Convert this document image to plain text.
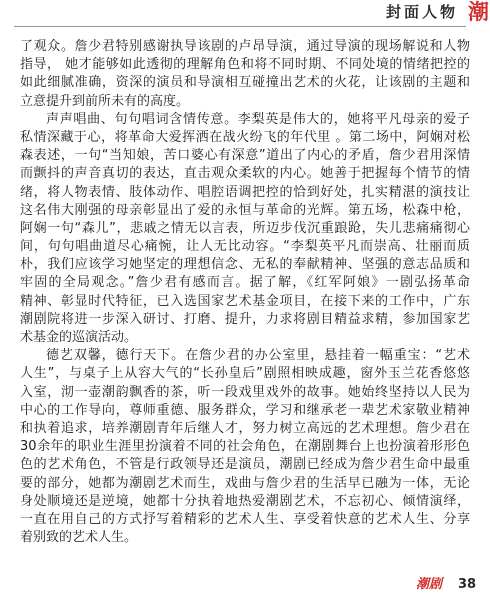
封面人物 潮
了观众。詹少君特别感谢执导该剧的卢昂导演，通过导演的现场解说和人物
指导， 她才能够如此透彻的理解角色和将不同时期、不同处境的情绪把控的
如此细腻准确，资深的演员和导演相互碰撞出艺术的火花，让该剧的主题和
立意提升到前所未有的高度。
声声唱曲、句句唱词含情传意。李梨英是伟大的，她将平凡母亲的爱子
私情深藏于心，将革命大爱挥洒在战火纷飞的年代里 。第二场中，阿娴对松
森表述，一句“当知娘，苦口婆心有深意”道出了内心的矛盾，詹少君用深情
而颤抖的声音真切的表达，直击观众柔软的内心。她善于把握每个情节的情
绪，将人物表情、肢体动作、唱腔语调把控的恰到好处，扎实精湛的演技让
这名伟大刚强的母亲彰显出了爱的永恒与革命的光辉。第五场，松森中枪，
阿娴一句“森儿”，悲戚之情无以言表，所迈步伐沉重踉跄，失儿悲痛痛彻心
间，句句唱曲道尽心痛惋，让人无比动容。“李梨英平凡而崇高、壮丽而质
朴，我们应该学习她坚定的理想信念、无私的奉献精神、坚强的意志品质和
牢固的全局观念。”詹少君有感而言。据了解，《红军阿娘》一剧弘扬革命
精神、彰显时代特征，已入选国家艺术基金项目，在接下来的工作中，广东
潮剧院将进一步深入研讨、打磨、提升，力求将剧目精益求精，参加国家艺
术基金的巡演活动。
德艺双馨，德行天下。在詹少君的办公室里，悬挂着一幅重宝：“艺术
人生”，与桌子上从容大气的“长孙皇后”剧照相映成趣，窗外玉兰花香悠悠
入室，沏一壶潮韵飘香的茶，听一段戏里戏外的故事。她始终坚持以人民为
中心的工作导向，尊师重德、服务群众，学习和继承老一辈艺术家敬业精神
和执着追求，培养潮剧青年后继人才，努力树立高远的艺术理想。詹少君在
30余年的职业生涯里扮演着不同的社会角色，在潮剧舞台上也扮演着形形色
色的艺术角色，不管是行政领导还是演员，潮剧已经成为詹少君生命中最重
要的部分，她都为潮剧艺术而生，戏曲与詹少君的生活早已融为一体，无论
身处顺境还是逆境，她都十分执着地热爱潮剧艺术，不忘初心、倾情演绎，
一直在用自己的方式抒写着精彩的艺术人生、享受着快意的艺术人生、分享
着别致的艺术人生。
潮剧 38
